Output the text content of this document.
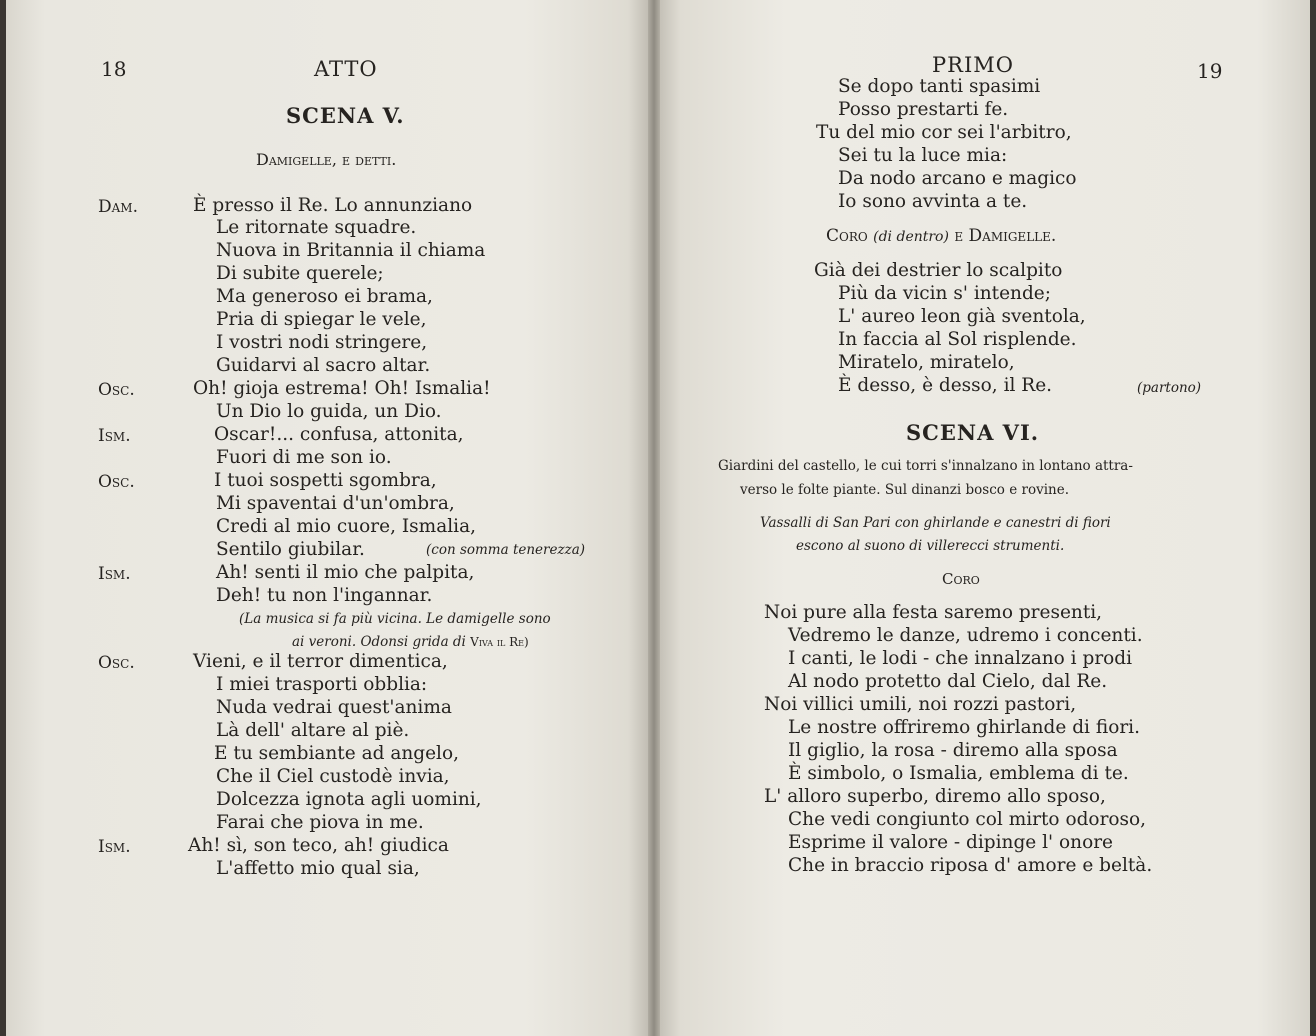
18	ATTO
SCENA V.
Damigelle, e detti.
Dam.	È presso il Re. Lo annunziano
Le ritornate squadre.
Nuova in Britannia il chiama
Di subite querele;
Ma generoso ei brama,
Pria di spiegar le vele,
I vostri nodi stringere,
Guidarvi al sacro altar.
Osc.	Oh! gioja estrema! Oh! Ismalia!
Un Dio lo guida, un Dio.
Ism.	Oscar!... confusa, attonita,
Fuori di me son io.
Osc.	I tuoi sospetti sgombra,
Mi spaventai d'un'ombra,
Credi al mio cuore, Ismalia,
Sentilo giubilar.
Ism.	Ah! senti il mio che palpita,
Deh! tu non l'ingannar.
Osc.	Vieni, e il terror dimentica,
I miei trasporti obblia:
Nuda vedrai quest'anima
Là dell' altare al piè.
E tu sembiante ad angelo,
Che il Ciel custodè invia,
Dolcezza ignota agli uomini,
Farai che piova in me.
Ism.	Ah! sì, son teco, ah! giudica
L'affetto mio qual sia,
(con somma tenerezza)
(La musica si fa più vicina. Le damigelle sono
ai veroni. Odonsi grida di Viva il Re)
PRIMO	19
Se dopo tanti spasimi
Posso prestarti fe.
Tu del mio cor sei l'arbitro,
Sei tu la luce mia:
Da nodo arcano e magico
Io sono avvinta a te.
Coro (di dentro) e Damigelle.
Già dei destrier lo scalpito
Più da vicin s' intende;
L' aureo leon già sventola,
In faccia al Sol risplende.
Miratelo, miratelo,
È desso, è desso, il Re.	(partono)
SCENA VI.
Giardini del castello, le cui torri s'innalzano in lontano attra-
verso le folte piante. Sul dinanzi bosco e rovine.
Vassalli di San Pari con ghirlande e canestri di fiori
escono al suono di villerecci strumenti.
Coro
Noi pure alla festa saremo presenti,
Vedremo le danze, udremo i concenti.
I canti, le lodi - che innalzano i prodi
Al nodo protetto dal Cielo, dal Re.
Noi villici umili, noi rozzi pastori,
Le nostre offriremo ghirlande di fiori.
Il giglio, la rosa - diremo alla sposa
È simbolo, o Ismalia, emblema di te.
L' alloro superbo, diremo allo sposo,
Che vedi congiunto col mirto odoroso,
Esprime il valore - dipinge l' onore
Che in braccio riposa d' amore e beltà.
